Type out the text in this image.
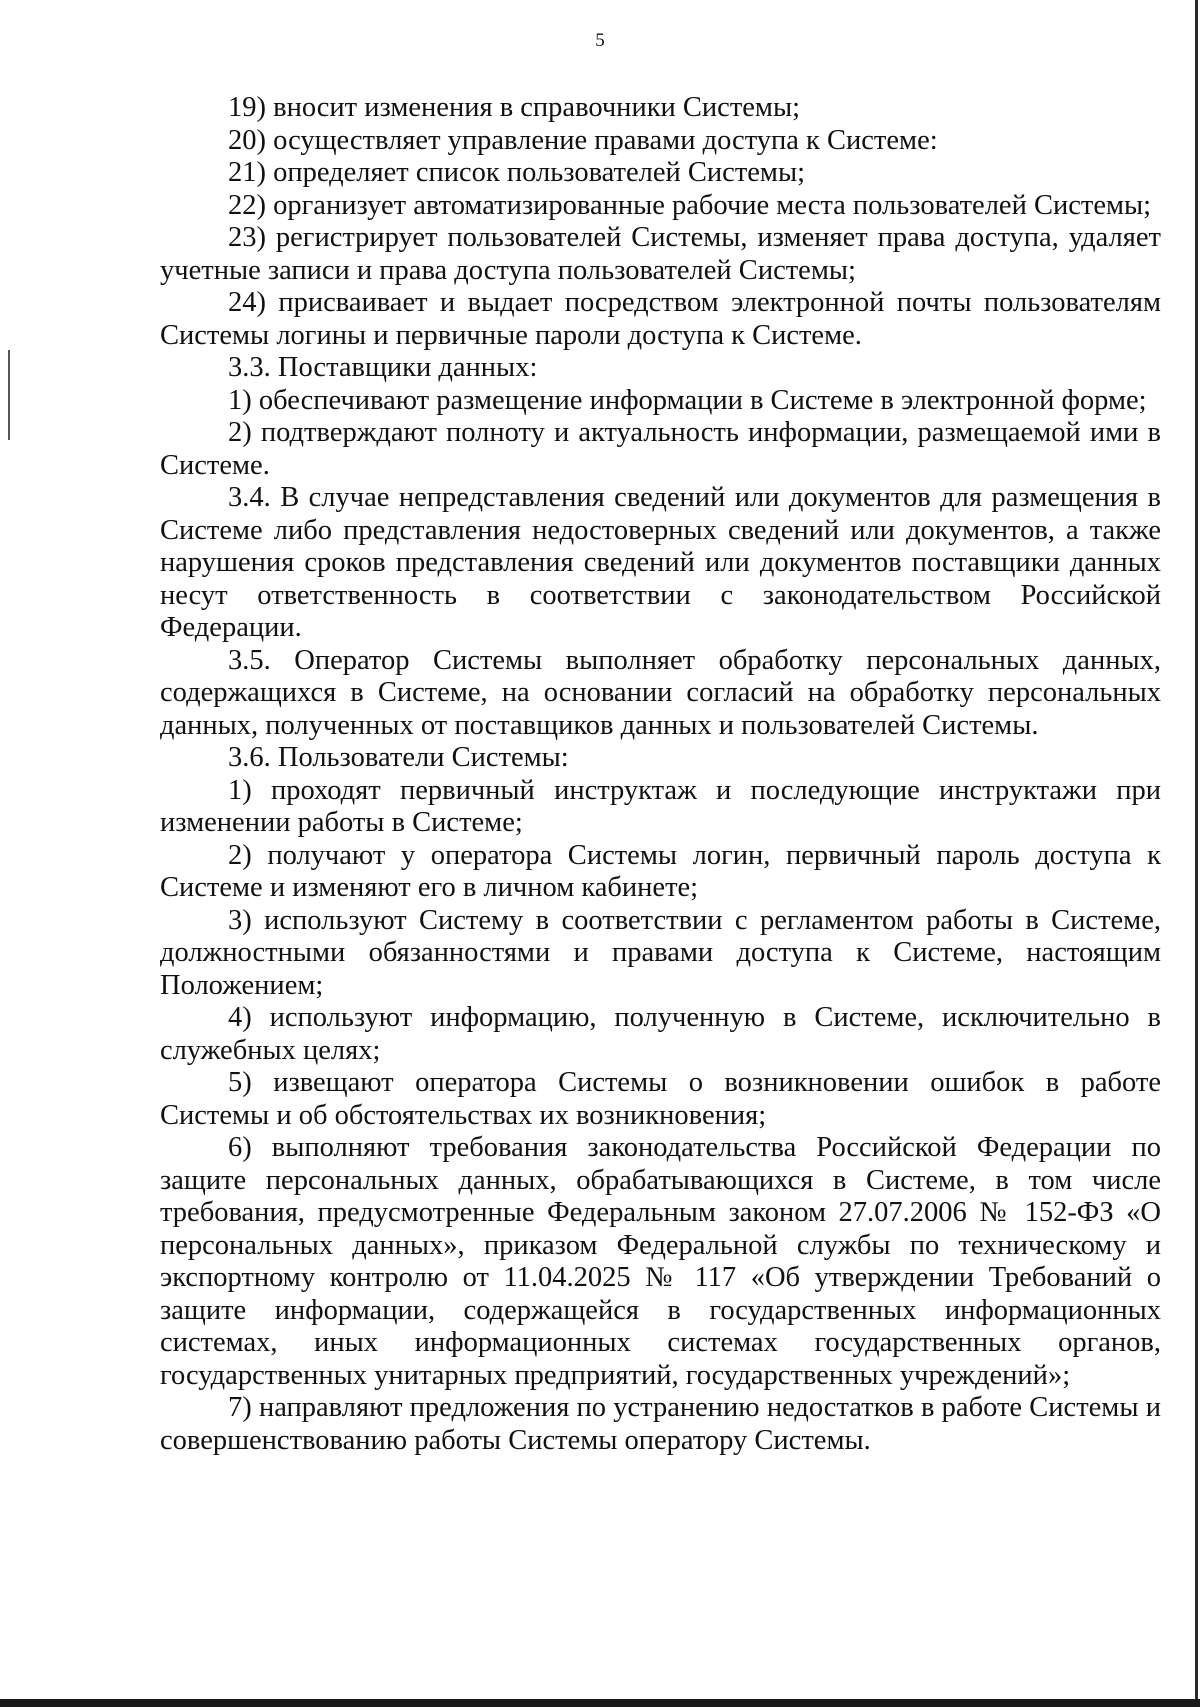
5

19) вносит изменения в справочники Системы;

20) осуществляет управление правами доступа к Системе:

21) определяет список пользователей Системы;

22) организует автоматизированные рабочие места пользователей Системы;

23) регистрирует пользователей Системы, изменяет права доступа, удаляет учетные записи и права доступа пользователей Системы;

24) присваивает и выдает посредством электронной почты пользователям Системы логины и первичные пароли доступа к Системе.

3.3. Поставщики данных:

1) обеспечивают размещение информации в Системе в электронной форме;

2) подтверждают полноту и актуальность информации, размещаемой ими в Системе.

3.4. В случае непредставления сведений или документов для размещения в Системе либо представления недостоверных сведений или документов, а также нарушения сроков представления сведений или документов поставщики данных несут ответственность в соответствии с законодательством Российской Федерации.

3.5. Оператор Системы выполняет обработку персональных данных, содержащихся в Системе, на основании согласий на обработку персональных данных, полученных от поставщиков данных и пользователей Системы.

3.6. Пользователи Системы:

1) проходят первичный инструктаж и последующие инструктажи при изменении работы в Системе;

2) получают у оператора Системы логин, первичный пароль доступа к Системе и изменяют его в личном кабинете;

3) используют Систему в соответствии с регламентом работы в Системе, должностными обязанностями и правами доступа к Системе, настоящим Положением;

4) используют информацию, полученную в Системе, исключительно в служебных целях;

5) извещают оператора Системы о возникновении ошибок в работе Системы и об обстоятельствах их возникновения;

6) выполняют требования законодательства Российской Федерации по защите персональных данных, обрабатывающихся в Системе, в том числе требования, предусмотренные Федеральным законом 27.07.2006 № 152-ФЗ «О персональных данных», приказом Федеральной службы по техническому и экспортному контролю от 11.04.2025 № 117 «Об утверждении Требований о защите информации, содержащейся в государственных информационных системах, иных информационных системах государственных органов, государственных унитарных предприятий, государственных учреждений»;

7) направляют предложения по устранению недостатков в работе Системы и совершенствованию работы Системы оператору Системы.
